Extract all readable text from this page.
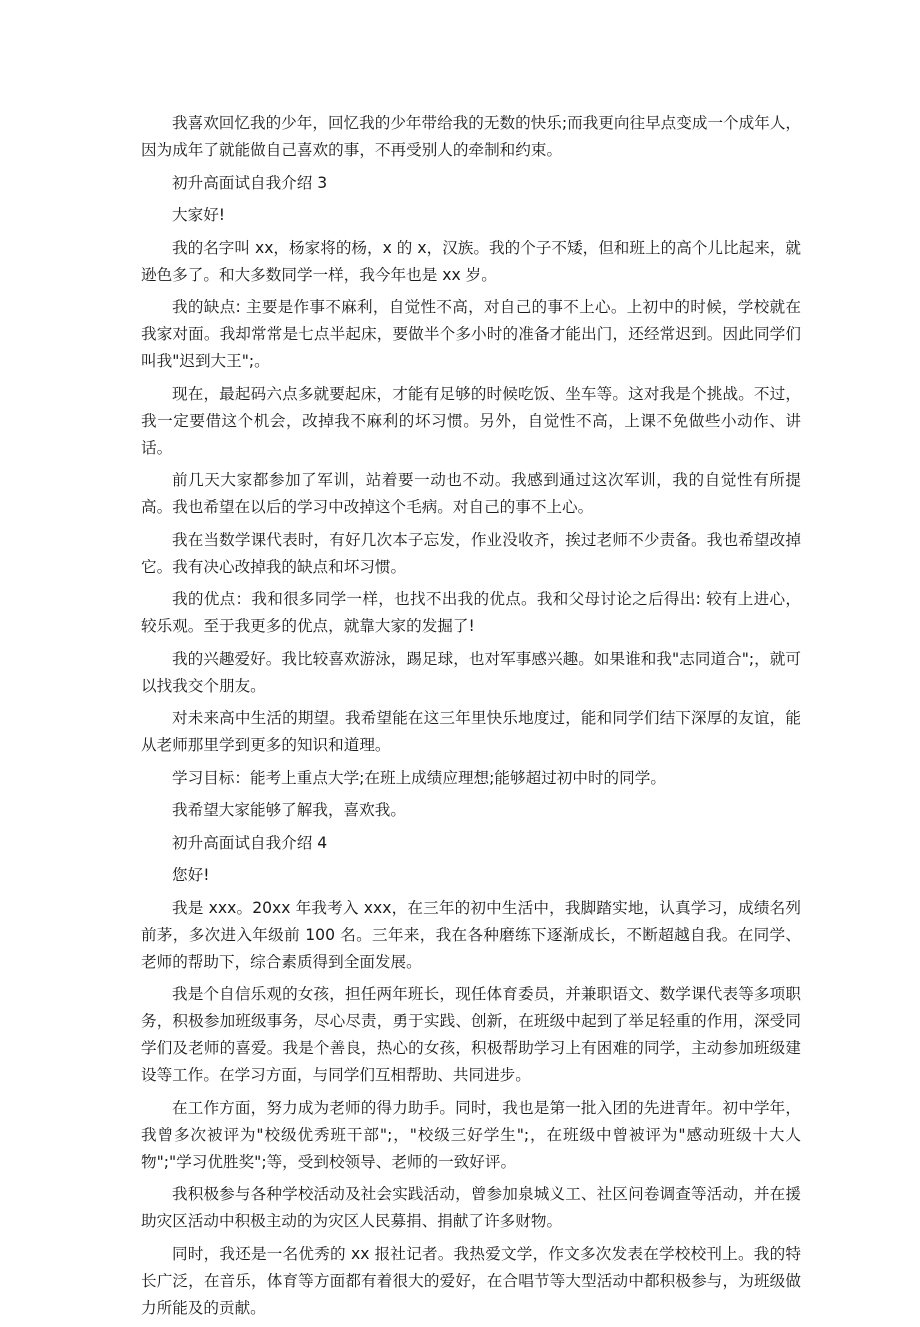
我喜欢回忆我的少年，回忆我的少年带给我的无数的快乐;而我更向往早点变成一个成年人，因为成年了就能做自己喜欢的事，不再受别人的牵制和约束。

初升高面试自我介绍 3

大家好!

我的名字叫 xx，杨家将的杨，x 的 x，汉族。我的个子不矮，但和班上的高个儿比起来，就逊色多了。和大多数同学一样，我今年也是 xx 岁。

我的缺点: 主要是作事不麻利，自觉性不高，对自己的事不上心。上初中的时候，学校就在我家对面。我却常常是七点半起床，要做半个多小时的准备才能出门，还经常迟到。因此同学们叫我"迟到大王";。

现在，最起码六点多就要起床，才能有足够的时候吃饭、坐车等。这对我是个挑战。不过，我一定要借这个机会，改掉我不麻利的坏习惯。另外，自觉性不高，上课不免做些小动作、讲话。

前几天大家都参加了军训，站着要一动也不动。我感到通过这次军训，我的自觉性有所提高。我也希望在以后的学习中改掉这个毛病。对自己的事不上心。

我在当数学课代表时，有好几次本子忘发，作业没收齐，挨过老师不少责备。我也希望改掉它。我有决心改掉我的缺点和坏习惯。

我的优点：我和很多同学一样，也找不出我的优点。我和父母讨论之后得出: 较有上进心，较乐观。至于我更多的优点，就靠大家的发掘了!

我的兴趣爱好。我比较喜欢游泳，踢足球，也对军事感兴趣。如果谁和我"志同道合";，就可以找我交个朋友。

对未来高中生活的期望。我希望能在这三年里快乐地度过，能和同学们结下深厚的友谊，能从老师那里学到更多的知识和道理。

学习目标：能考上重点大学;在班上成绩应理想;能够超过初中时的同学。

我希望大家能够了解我，喜欢我。

初升高面试自我介绍 4

您好!

我是 xxx。20xx 年我考入 xxx，在三年的初中生活中，我脚踏实地，认真学习，成绩名列前茅，多次进入年级前 100 名。三年来，我在各种磨练下逐渐成长，不断超越自我。在同学、老师的帮助下，综合素质得到全面发展。

我是个自信乐观的女孩，担任两年班长，现任体育委员，并兼职语文、数学课代表等多项职务，积极参加班级事务，尽心尽责，勇于实践、创新，在班级中起到了举足轻重的作用，深受同学们及老师的喜爱。我是个善良，热心的女孩，积极帮助学习上有困难的同学，主动参加班级建设等工作。在学习方面，与同学们互相帮助、共同进步。

在工作方面，努力成为老师的得力助手。同时，我也是第一批入团的先进青年。初中学年，我曾多次被评为"校级优秀班干部";，"校级三好学生";，在班级中曾被评为"感动班级十大人物";"学习优胜奖";等，受到校领导、老师的一致好评。

我积极参与各种学校活动及社会实践活动，曾参加泉城义工、社区问卷调查等活动，并在援助灾区活动中积极主动的为灾区人民募捐、捐献了许多财物。

同时，我还是一名优秀的 xx 报社记者。我热爱文学，作文多次发表在学校校刊上。我的特长广泛，在音乐，体育等方面都有着很大的爱好，在合唱节等大型活动中都积极参与，为班级做力所能及的贡献。
